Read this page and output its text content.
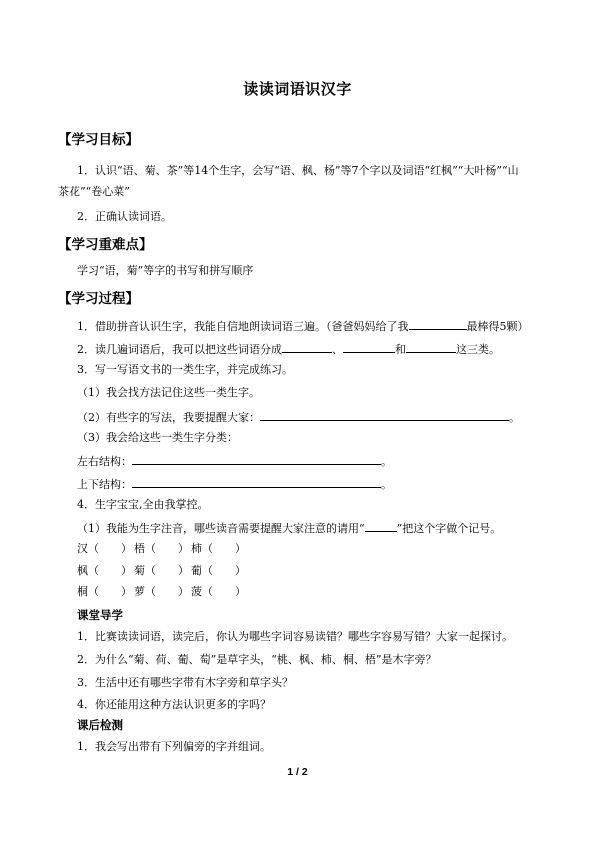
读读词语识汉字
【学习目标】
1．认识“语、菊、茶”等14个生字，会写“语、枫、杨”等7个字以及词语“红枫”“大叶杨”“山
茶花”“卷心菜”
2．正确认读词语。
【学习重难点】
学习“语，菊”等字的书写和拼写顺序
【学习过程】
1．借助拼音认识生字，我能自信地朗读词语三遍。（爸爸妈妈给了我	最棒得5颗）
2．读几遍词语后，我可以把这些词语分成	、	和	这三类。
3．写一写语文书的一类生字，并完成练习。
（1）我会找方法记住这些一类生字。
（2）有些字的写法，我要提醒大家：	。
（3）我会给这些一类生字分类：
左右结构：	。
上下结构：	。
4．生字宝宝,全由我掌控。
（1）我能为生字注音，哪些读音需要提醒大家注意的请用“	”把这个字做个记号。
汉（　　） 梧（　　） 柿（　　）
枫（　　） 菊（　　） 葡（　　）
桐（　　） 萝（　　） 菠（　　）
课堂导学
1．比赛读读词语，读完后，你认为哪些字词容易读错？哪些字容易写错？大家一起探讨。
2．为什么“菊、荷、葡、萄”是草字头，“桃、枫、柿、桐、梧”是木字旁？
3．生活中还有哪些字带有木字旁和草字头？
4．你还能用这种方法认识更多的字吗？
课后检测
1．我会写出带有下列偏旁的字并组词。
1 / 2
